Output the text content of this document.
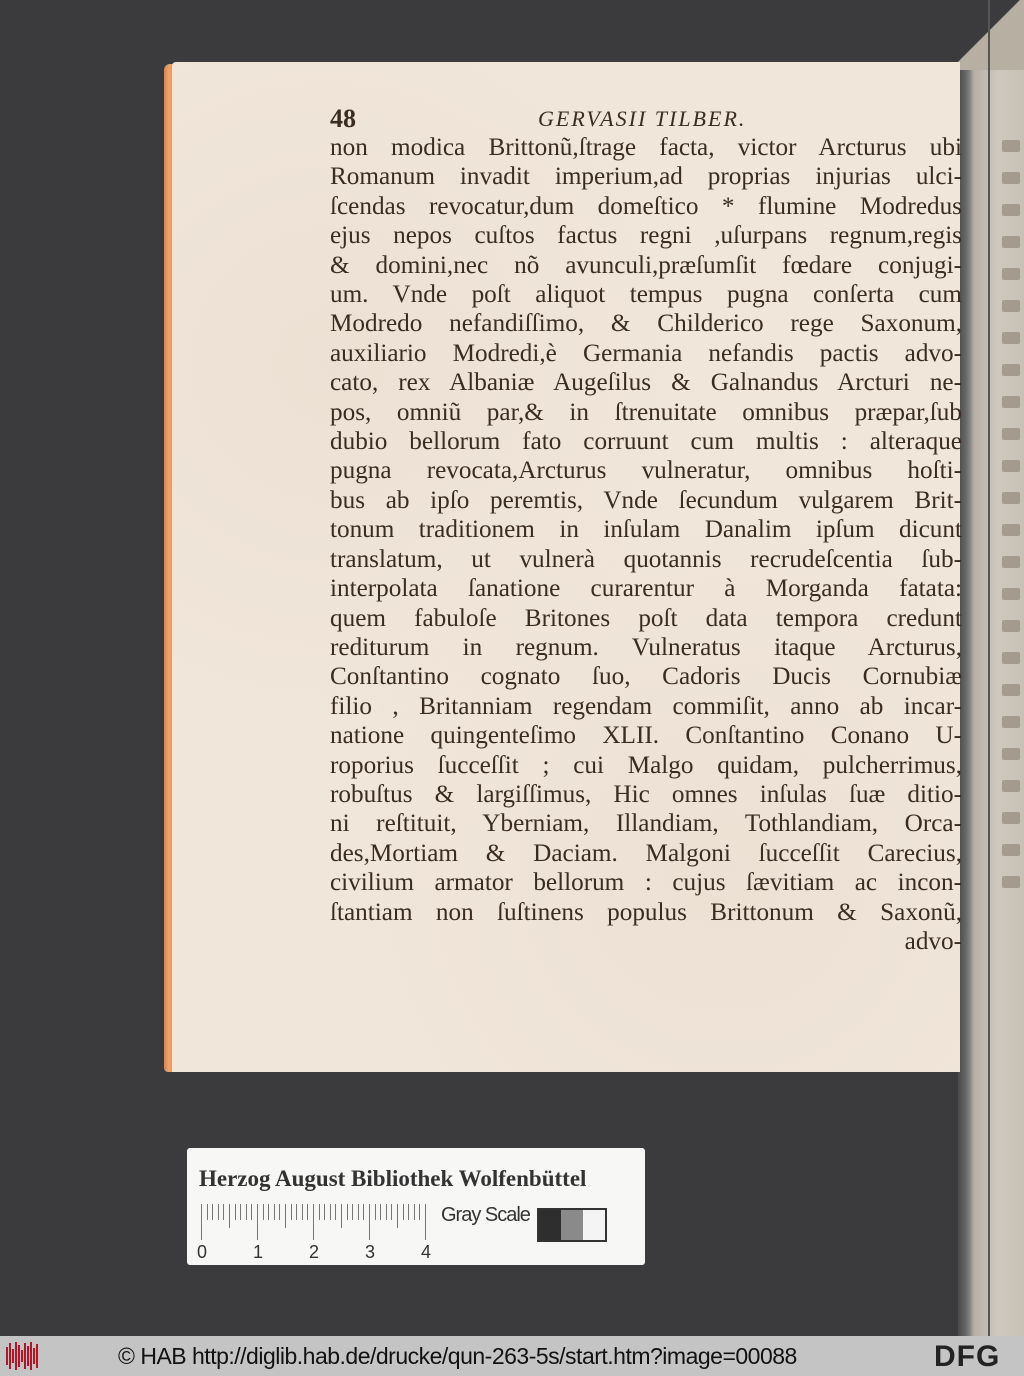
48	GERVASII TILBER.
non modica Brittonũ,ſtrage facta, victor Arcturus ubi
Romanum invadit imperium,ad proprias injurias ulci-
ſcendas revocatur,dum domeſtico * flumine Modredus
ejus nepos cuſtos factus regni ,uſurpans regnum,regis
& domini,nec nõ avunculi,præſumſit fœdare conjugi-
um. Vnde poſt aliquot tempus pugna conſerta cum
Modredo nefandiſſimo, & Childerico rege Saxonum,
auxiliario Modredi,è Germania nefandis pactis advo-
cato, rex Albaniæ Augeſilus & Galnandus Arcturi ne-
pos, omniũ par,& in ſtrenuitate omnibus præpar,ſub
dubio bellorum fato corruunt cum multis : alteraque
pugna revocata,Arcturus vulneratur, omnibus hoſti-
bus ab ipſo peremtis, Vnde ſecundum vulgarem Brit-
tonum traditionem in inſulam Danalim ipſum dicunt
translatum, ut vulnerà quotannis recrudeſcentia ſub-
interpolata ſanatione curarentur à Morganda fatata:
quem fabuloſe Britones poſt data tempora credunt
rediturum in regnum. Vulneratus itaque Arcturus,
Conſtantino cognato ſuo, Cadoris Ducis Cornubiæ
filio , Britanniam regendam commiſit, anno ab incar-
natione quingenteſimo XLII. Conſtantino Conano U-
roporius ſucceſſit ; cui Malgo quidam, pulcherrimus,
robuſtus & largiſſimus, Hic omnes inſulas ſuæ ditio-
ni reſtituit, Yberniam, Illandiam, Tothlandiam, Orca-
des,Mortiam & Daciam. Malgoni ſucceſſit Carecius,
civilium armator bellorum : cujus ſævitiam ac incon-
ſtantiam non ſuſtinens populus Brittonum & Saxonũ,
advo-
Herzog August Bibliothek Wolfenbüttel
0	1	2	3	4
Gray Scale
© HAB http://diglib.hab.de/drucke/qun-263-5s/start.htm?image=00088	DFG
